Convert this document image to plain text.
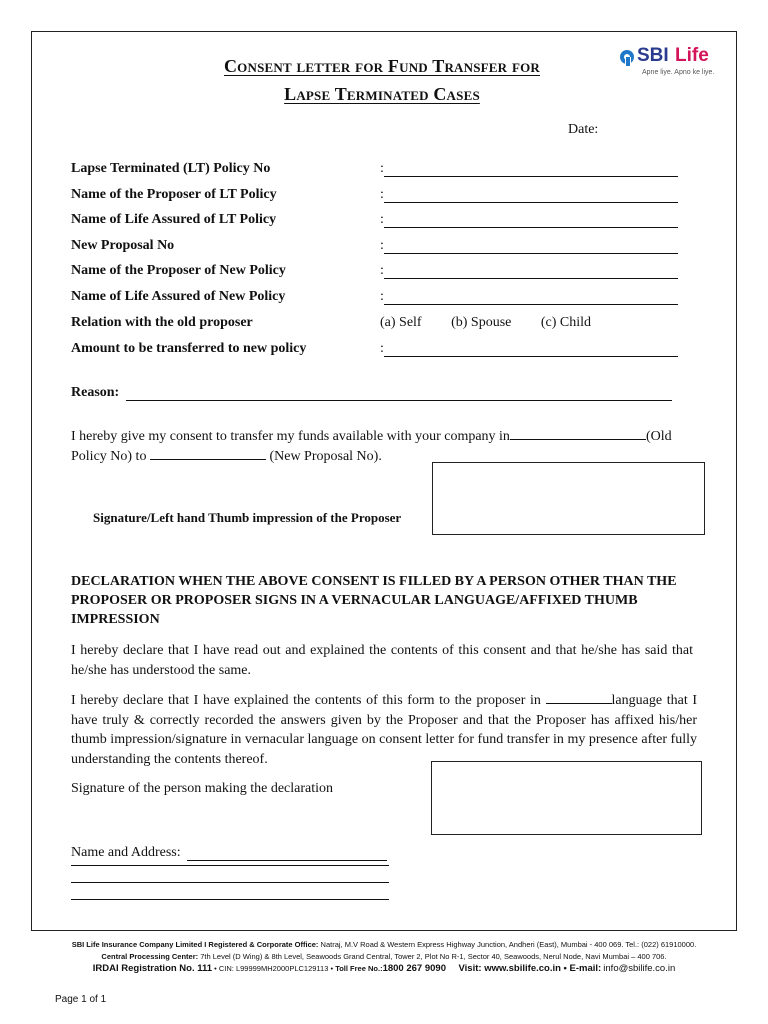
Consent letter for Fund Transfer for
Lapse Terminated Cases
SBI Life
Apne liye. Apno ke liye.
Date:
Lapse Terminated (LT) Policy No	:
Name of the Proposer of LT Policy	:
Name of Life Assured of LT Policy	:
New Proposal No	:
Name of the Proposer of New Policy	:
Name of Life Assured of New Policy	:
Relation with the old proposer	(a) Self (b) Spouse (c) Child
Amount to be transferred to new policy	:
Reason:
I hereby give my consent to transfer my funds available with your company in	(Old
Policy No) to	(New Proposal No).
Signature/Left hand Thumb impression of the Proposer
DECLARATION WHEN THE ABOVE CONSENT IS FILLED BY A PERSON OTHER THAN THE PROPOSER OR PROPOSER SIGNS IN A VERNACULAR LANGUAGE/AFFIXED THUMB IMPRESSION
I hereby declare that I have read out and explained the contents of this consent and that he/she has said that he/she has understood the same.
I hereby declare that I have explained the contents of this form to the proposer in	language that I have truly & correctly recorded the answers given by the Proposer and that the Proposer has affixed his/her thumb impression/signature in vernacular language on consent letter for fund transfer in my presence after fully understanding the contents thereof.
Signature of the person making the declaration
Name and Address:
SBI Life Insurance Company Limited I Registered & Corporate Office: Natraj, M.V Road & Western Express Highway Junction, Andheri (East), Mumbai - 400 069. Tel.: (022) 61910000.
Central Processing Center: 7th Level (D Wing) & 8th Level, Seawoods Grand Central, Tower 2, Plot No R-1, Sector 40, Seawoods, Nerul Node, Navi Mumbai – 400 706.
IRDAI Registration No. 111 • CIN: L99999MH2000PLC129113 • Toll Free No.:1800 267 9090 Visit: www.sbilife.co.in • E-mail: info@sbilife.co.in
Page 1 of 1
